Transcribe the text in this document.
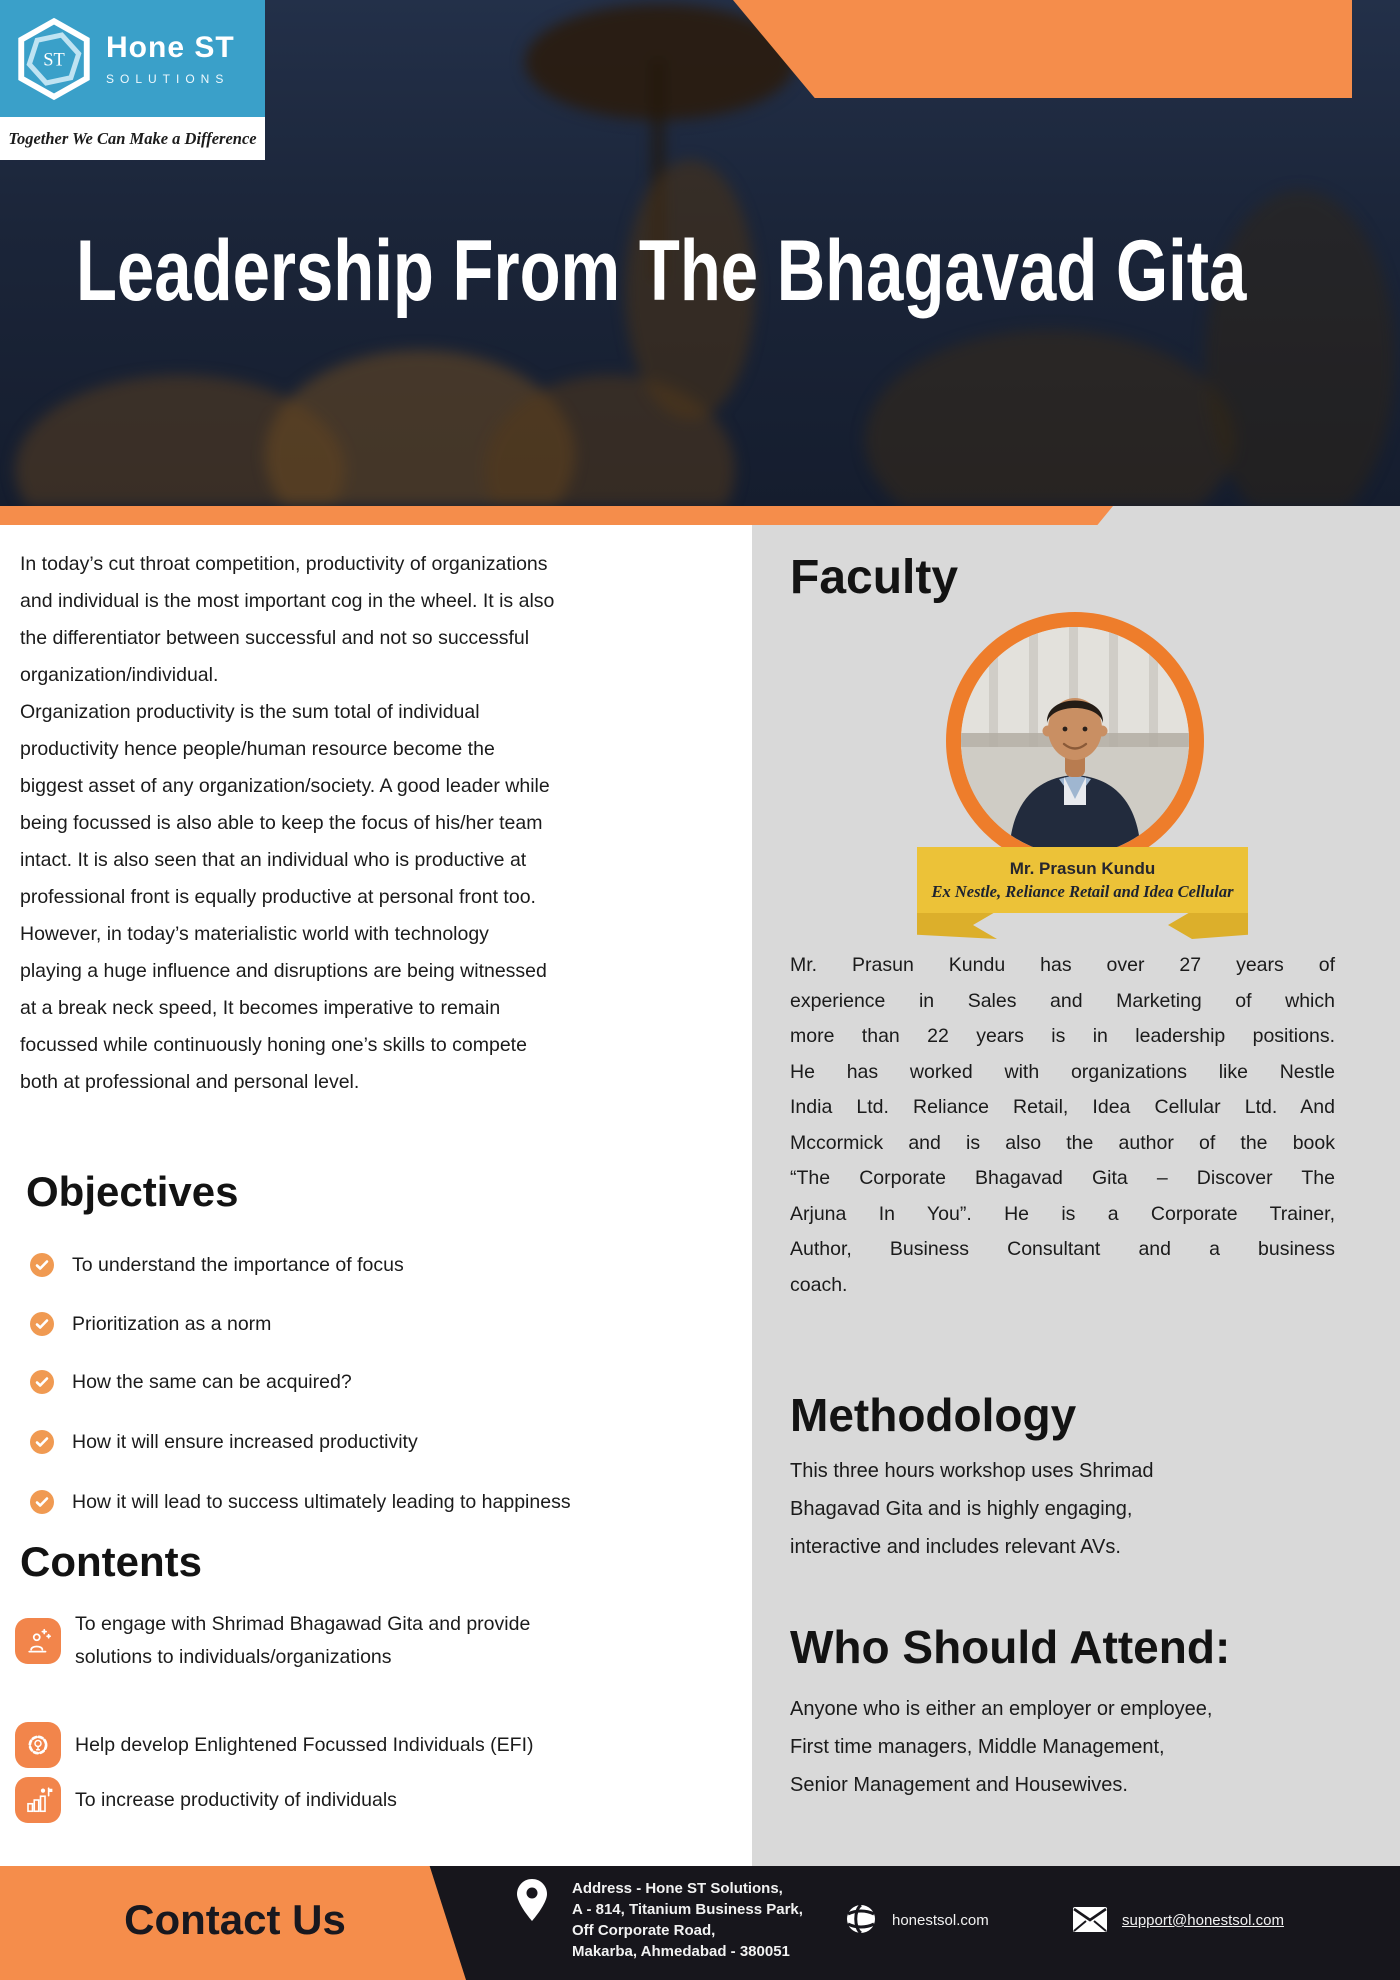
ST Hone ST
SOLUTIONS
Together We Can Make a Difference
Leadership From The Bhagavad Gita
In today’s cut throat competition, productivity of organizations
and individual is the most important cog in the wheel. It is also
the differentiator between successful and not so successful
organization/individual.
Organization productivity is the sum total of individual
productivity hence people/human resource become the
biggest asset of any organization/society. A good leader while
being focussed is also able to keep the focus of his/her team
intact. It is also seen that an individual who is productive at
professional front is equally productive at personal front too.
However, in today’s materialistic world with technology
playing a huge influence and disruptions are being witnessed
at a break neck speed, It becomes imperative to remain
focussed while continuously honing one’s skills to compete
both at professional and personal level.
Objectives
To understand the importance of focus
Prioritization as a norm
How the same can be acquired?
How it will ensure increased productivity
How it will lead to success ultimately leading to happiness
Contents
To engage with Shrimad Bhagawad Gita and provide solutions to individuals/organizations
Help develop Enlightened Focussed Individuals (EFI)
To increase productivity of individuals
Faculty
Mr. Prasun Kundu
Ex Nestle, Reliance Retail and Idea Cellular
Mr. Prasun Kundu has over 27 years of
experience in Sales and Marketing of which
more than 22 years is in leadership positions.
He has worked with organizations like Nestle
India Ltd. Reliance Retail, Idea Cellular Ltd. And
Mccormick and is also the author of the book
“The Corporate Bhagavad Gita – Discover The
Arjuna In You”. He is a Corporate Trainer,
Author, Business Consultant and a business
coach.
Methodology
This three hours workshop uses Shrimad
Bhagavad Gita and is highly engaging,
interactive and includes relevant AVs.
Who Should Attend:
Anyone who is either an employer or employee,
First time managers, Middle Management,
Senior Management and Housewives.
Contact Us
Address - Hone ST Solutions,
A - 814, Titanium Business Park,
Off Corporate Road,
Makarba, Ahmedabad - 380051
honestsol.com	support@honestsol.com
